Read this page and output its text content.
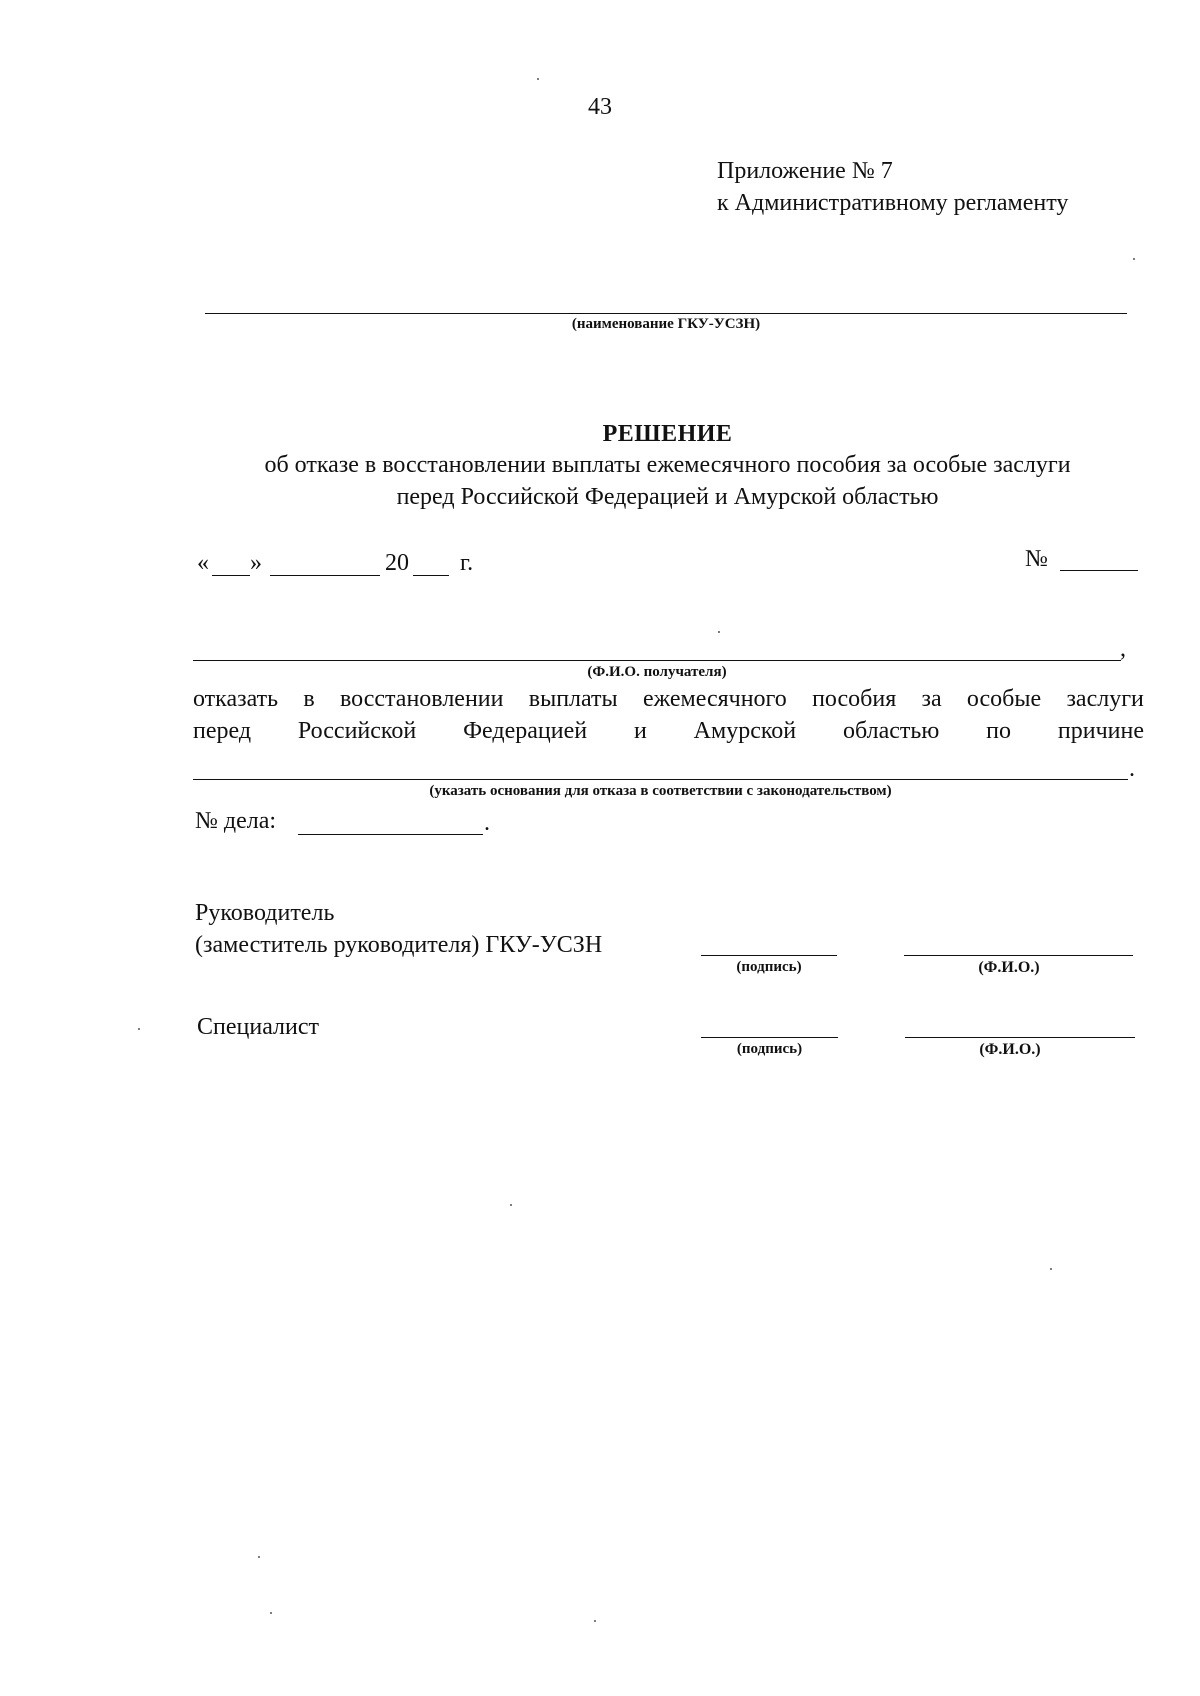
43
Приложение № 7
к Административному регламенту
(наименование ГКУ-УСЗН)
РЕШЕНИЕ
об отказе в восстановлении выплаты ежемесячного пособия за особые заслуги
перед Российской Федерацией и Амурской областью
« »	20 г.	№
,
(Ф.И.О. получателя)
отказать в восстановлении выплаты ежемесячного пособия за особые заслуги
перед Российской Федерацией и Амурской областью по причине
.
(указать основания для отказа в соответствии с законодательством)
№ дела:	.
Руководитель
(заместитель руководителя) ГКУ-УСЗН
(подпись)	(Ф.И.О.)
Специалист
(подпись)	(Ф.И.О.)
